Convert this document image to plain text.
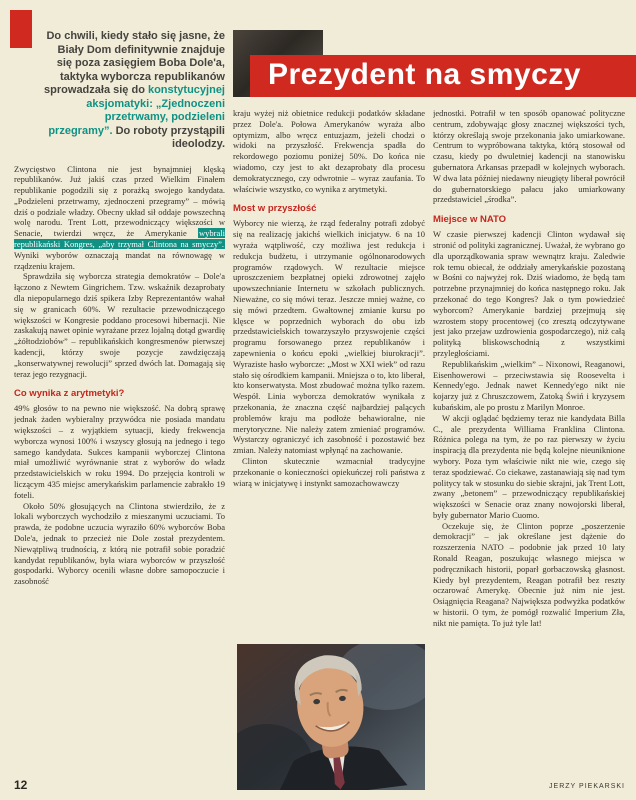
Prezydent na smyczy

Do chwili, kiedy stało się jasne, że Biały Dom definitywnie znajduje się poza zasięgiem Boba Dole'a, taktyka wyborcza republikanów sprowadzała się do konstytucyjnej aksjomatyki: „Zjednoczeni przetrwamy, podzieleni przegramy”. Do roboty przystąpili ideolodzy.

Zwycięstwo Clintona nie jest bynajmniej klęską republikanów. Już jakiś czas przed Wielkim Finałem republikanie pogodzili się z porażką swojego kandydata. „Podzieleni przetrwamy, zjednoczeni przegramy” – mówią dziś o podziale władzy. Obecny układ sił oddaje powszechną wolę narodu. Trent Lott, przewodniczący większości w Senacie, twierdzi wręcz, że Amerykanie wybrali republikański Kongres, „aby trzymał Clintona na smyczy”. Wyniki wyborów oznaczają mandat na równowagę w rządzeniu krajem.

Sprawdziła się wyborcza strategia demokratów – Dole'a łączono z Newtem Gingrichem. Tzw. wskaźnik dezaprobaty dla niepopularnego dziś spikera Izby Reprezentantów wahał się w granicach 60%. W rezultacie przewodniczącego większości w Kongresie poddano procesowi hibernacji. Nie zaskakują nawet opinie wyrażane przez lojalną dotąd gwardię „żółtodziobów” – republikańskich kongresmenów pierwszej kadencji, którzy swoje pozycje zawdzięczają „konserwatywnej rewolucji” sprzed dwóch lat. Domagają się teraz jego rezygnacji.

Co wynika z arytmetyki?

49% głosów to na pewno nie większość. Na dobrą sprawę jednak żaden wybieralny przywódca nie posiada mandatu większości – z wyjątkiem sytuacji, kiedy frekwencja wyborcza wynosi 100% i wszyscy głosują na jednego i tego samego kandydata. Sukces kampanii wyborczej Clintona miał umożliwić wyrównanie strat z wyborów do władz przedstawicielskich w roku 1994. Do przejęcia kontroli w liczącym 435 miejsc amerykańskim parlamencie zabrakło 19 foteli.

Około 50% głosujących na Clintona stwierdziło, że z lokali wyborczych wychodziło z mieszanymi uczuciami. To prawda, że podobne uczucia wyraziło 60% wyborców Boba Dole'a, jednak to przecież nie Dole został prezydentem. Niewątpliwą trudnością, z którą nie potrafił sobie poradzić kandydat republikanów, była wiara wyborców w przyszłość gospodarki. Wyborcy ocenili własne dobre samopoczucie i zasobność

kraju wyżej niż obietnice redukcji podatków składane przez Dole'a. Połowa Amerykanów wyraża albo optymizm, albo wręcz entuzjazm, jeżeli chodzi o widoki na przyszłość. Frekwencja spadła do rekordowego poziomu poniżej 50%. Do końca nie wiadomo, czy jest to akt dezaprobaty dla procesu demokratycznego, czy odwrotnie – wyraz zaufania. To właściwie wszystko, co wynika z arytmetyki.

Most w przyszłość

Wyborcy nie wierzą, że rząd federalny potrafi zdobyć się na realizację jakichś wielkich inicjatyw. 6 na 10 wyraża wątpliwość, czy możliwa jest redukcja i redukcja budżetu, i utrzymanie ogólnonarodowych programów rządowych. W rezultacie miejsce uproszczeniem bezpłatnej opieki zdrowotnej zajęło upowszechnianie Internetu w szkołach publicznych. Nieważne, co się mówi teraz. Jeszcze mniej ważne, co się mówi przedtem. Gwałtownej zmianie kursu po klęsce w poprzednich wyborach do obu izb przedstawicielskich towarzyszyło przyswojenie części programu forsowanego przez republikanów i zapewnienia o końcu epoki „wielkiej biurokracji”. Wyraziste hasło wyborcze: „Most w XXI wiek” od razu stało się ośrodkiem kampanii. Mniejsza o to, kto liberał, kto konserwatysta. Most zbudować można tylko razem. Wespół. Linia wyborcza demokratów wynikała z przekonania, że znaczna część najbardziej palących problemów kraju ma podłoże behawioralne, nie merytoryczne. Nie należy zatem zmieniać programów. Wystarczy ograniczyć ich zasobność i pozostawić bez zmian. Należy natomiast wpłynąć na zachowanie.

Clinton skutecznie wzmacniał tradycyjne przekonanie o konieczności opiekuńczej roli państwa z wiarą w inicjatywę i instynkt samozachowawczy

jednostki. Potrafił w ten sposób opanować polityczne centrum, zdobywając głosy znacznej większości tych, którzy określają swoje przekonania jako umiarkowane. Centrum to wypróbowana taktyka, którą stosował od czasu, kiedy po dwuletniej kadencji na stanowisku gubernatora Arkansas przepadł w kolejnych wyborach. W dwa lata później niedawny nieugięty liberał powrócił do gubernatorskiego pałacu jako umiarkowany przedstawiciel „środka”.

Miejsce w NATO

W czasie pierwszej kadencji Clinton wydawał się stronić od polityki zagranicznej. Uważał, że wybrano go dla uporządkowania spraw wewnątrz kraju. Zaledwie rok temu obiecał, że oddziały amerykańskie pozostaną w Bośni co najwyżej rok. Dziś wiadomo, że będą tam potrzebne przynajmniej do końca następnego roku. Jak przekonać do tego Kongres? Jak o tym powiedzieć wyborcom? Amerykanie bardziej przejmują się wzrostem stopy procentowej (co zresztą odczytywane jest jako przejaw uzdrowienia gospodarczego), niż całą polityką bliskowschodnią z wszystkimi przyległościami.

Republikańskim „wielkim” – Nixonowi, Reaganowi, Eisenhowerowi – przeciwstawia się Roosevelta i Kennedy'ego. Jednak nawet Kennedy'ego nikt nie kojarzy już z Chruszczowem, Zatoką Świń i kryzysem kubańskim, ale po prostu z Marilyn Monroe.

W akcji oglądać będziemy teraz nie kandydata Billa C., ale prezydenta Williama Franklina Clintona. Różnica polega na tym, że po raz pierwszy w życiu inspiracją dla prezydenta nie będą kolejne nieuniknione wybory. Poza tym właściwie nikt nie wie, czego się teraz spodziewać. Co ciekawe, zastanawiają się nad tym politycy tak w stosunku do siebie skrajni, jak Trent Lott, zwany „betonem” – przewodniczący republikańskiej większości w Senacie oraz znany nowojorski liberał, były gubernator Mario Cuomo.

Oczekuje się, że Clinton poprze „poszerzenie demokracji” – jak określane jest dążenie do rozszerzenia NATO – podobnie jak przed 10 laty Ronald Reagan, poszukując własnego miejsca w podręcznikach historii, poparł gorbaczowską głasnost. Kiedy był prezydentem, Reagan potrafił bez reszty oczarować Amerykę. Obecnie już nim nie jest. Osiągnięcia Reagana? Największa podwyżka podatków w historii. O tym, że pomógł rozwalić Imperium Zła, nikt nie pamięta. To już tyle lat!

JERZY PIEKARSKI
12
